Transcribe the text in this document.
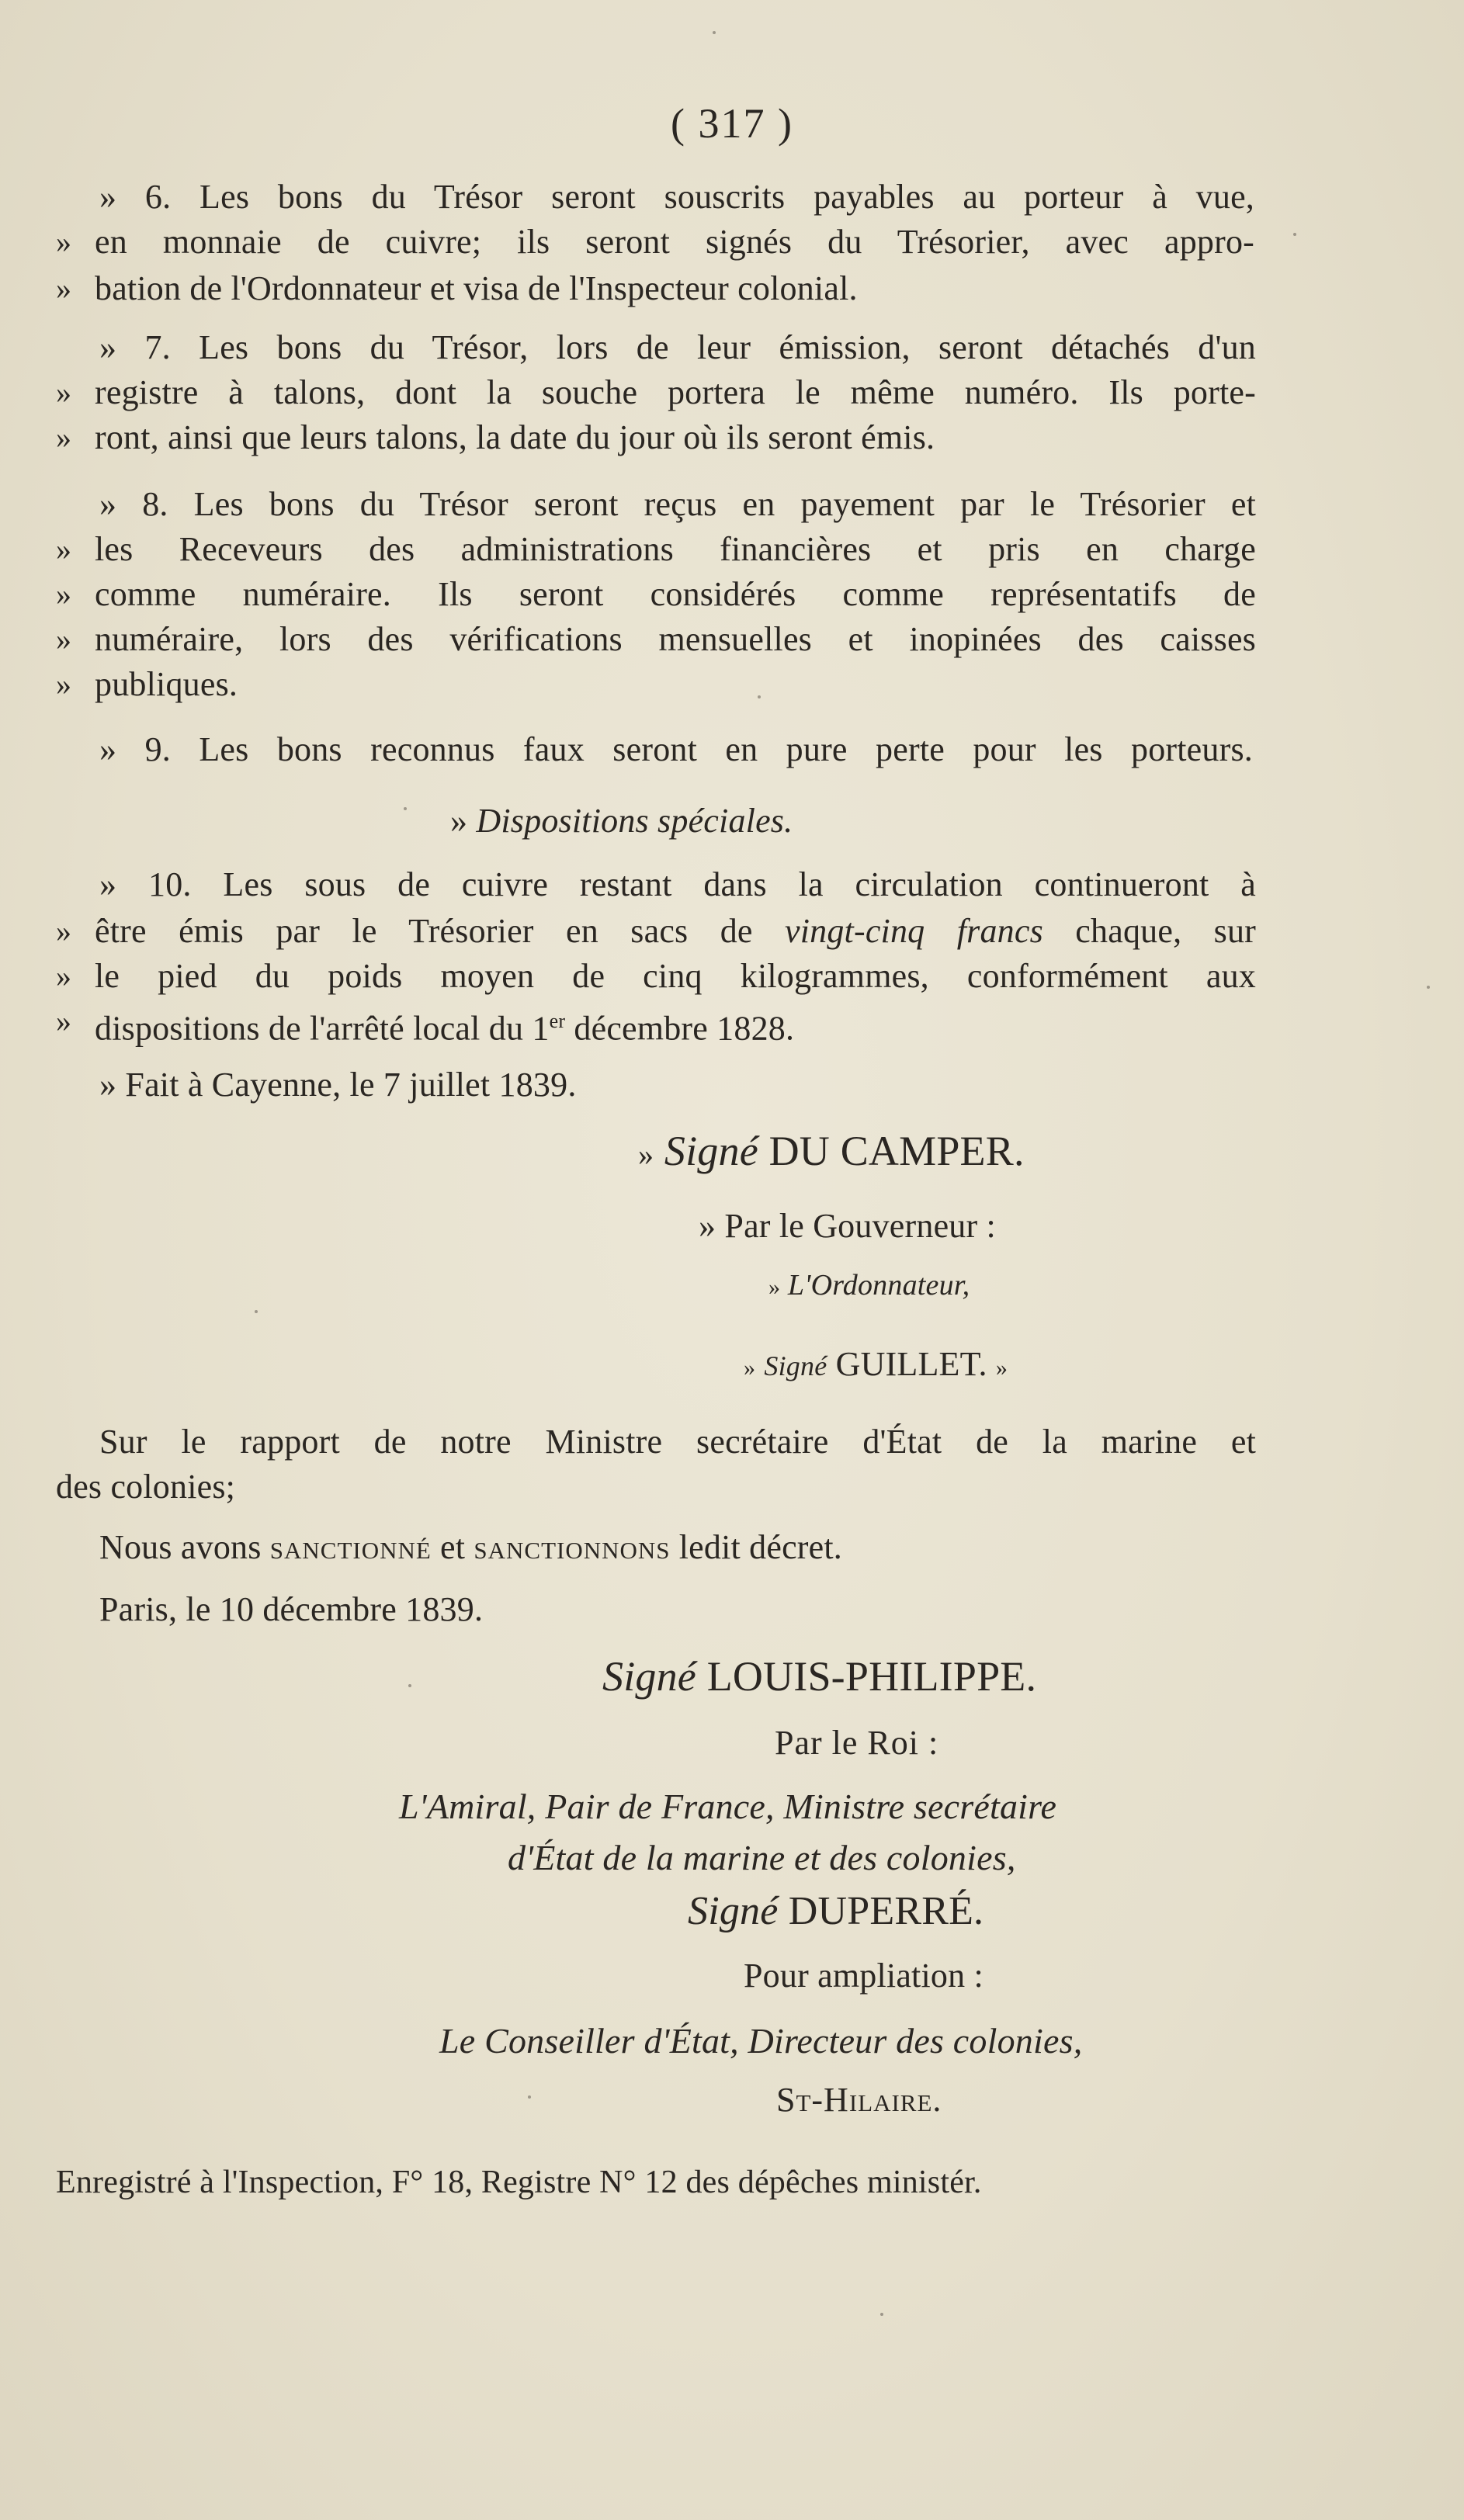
( 317 )
» 6. Les bons du Trésor seront souscrits payables au porteur à vue,
» en monnaie de cuivre; ils seront signés du Trésorier, avec appro-
» bation de l'Ordonnateur et visa de l'Inspecteur colonial.
» 7. Les bons du Trésor, lors de leur émission, seront détachés d'un
» registre à talons, dont la souche portera le même numéro. Ils porte-
» ront, ainsi que leurs talons, la date du jour où ils seront émis.
» 8. Les bons du Trésor seront reçus en payement par le Trésorier et
» les Receveurs des administrations financières et pris en charge
» comme numéraire. Ils seront considérés comme représentatifs de
» numéraire, lors des vérifications mensuelles et inopinées des caisses
» publiques.
» 9. Les bons reconnus faux seront en pure perte pour les porteurs.
» Dispositions spéciales.
» 10. Les sous de cuivre restant dans la circulation continueront à
» être émis par le Trésorier en sacs de vingt-cinq francs chaque, sur
» le pied du poids moyen de cinq kilogrammes, conformément aux
» dispositions de l'arrêté local du 1er décembre 1828.
» Fait à Cayenne, le 7 juillet 1839.
» Signé DU CAMPER.
» Par le Gouverneur :
» L'Ordonnateur,
» Signé GUILLET. »
Sur le rapport de notre Ministre secrétaire d'État de la marine et
des colonies;
Nous avons sanctionné et sanctionnons ledit décret.
Paris, le 10 décembre 1839.
Signé LOUIS-PHILIPPE.
Par le Roi :
L'Amiral, Pair de France, Ministre secrétaire
d'État de la marine et des colonies,
Signé DUPERRÉ.
Pour ampliation :
Le Conseiller d'État, Directeur des colonies,
St-Hilaire.
Enregistré à l'Inspection, F° 18, Registre N° 12 des dépêches ministér.
